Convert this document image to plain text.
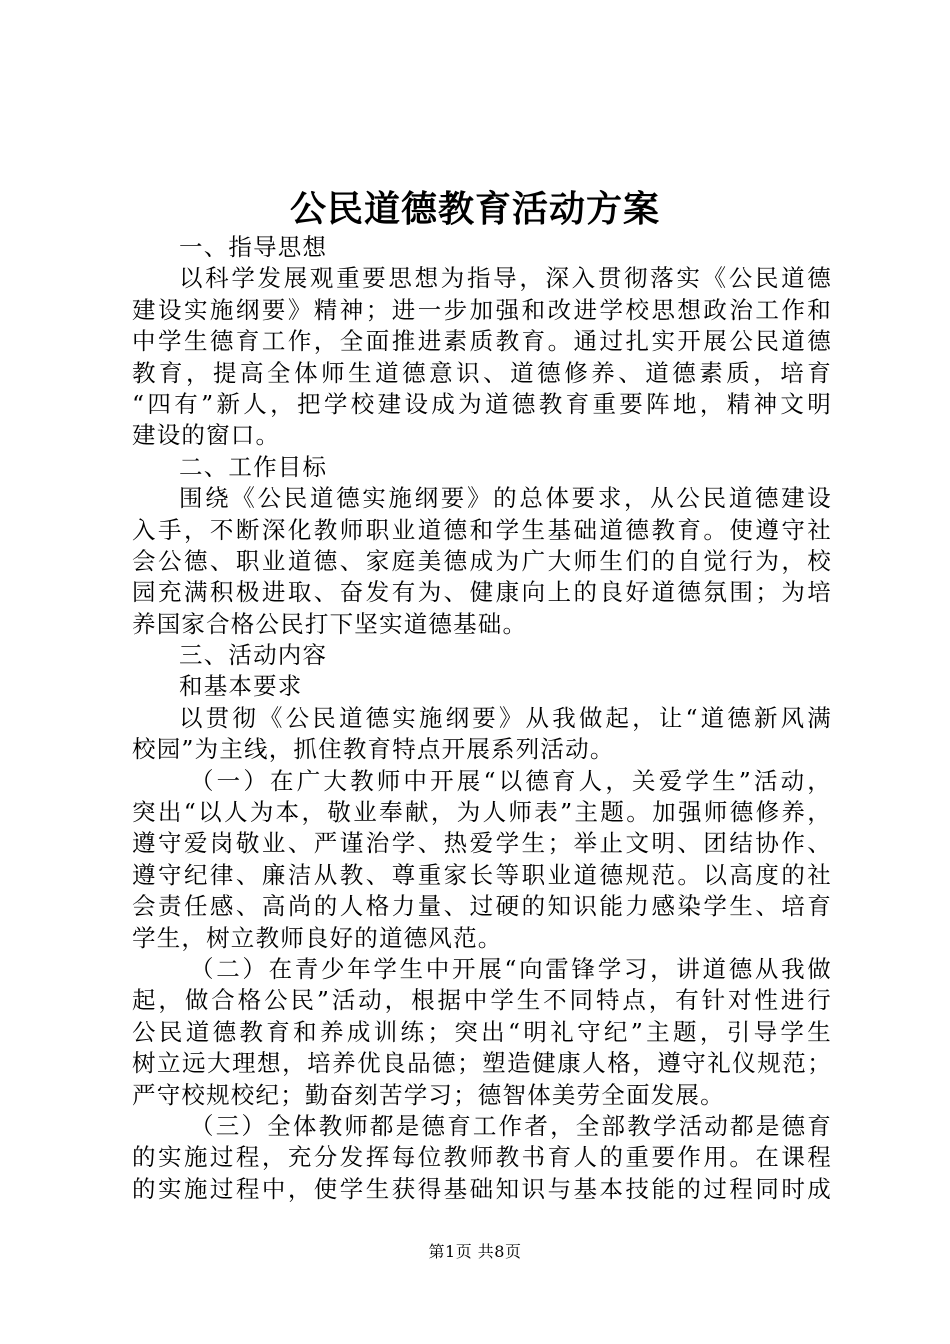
公民道德教育活动方案
一、指导思想
以科学发展观重要思想为指导，深入贯彻落实《公民道德
建设实施纲要》精神；进一步加强和改进学校思想政治工作和
中学生德育工作，全面推进素质教育。通过扎实开展公民道德
教育，提高全体师生道德意识、道德修养、道德素质，培育
“四有”新人，把学校建设成为道德教育重要阵地，精神文明
建设的窗口。
二、工作目标
围绕《公民道德实施纲要》的总体要求，从公民道德建设
入手，不断深化教师职业道德和学生基础道德教育。使遵守社
会公德、职业道德、家庭美德成为广大师生们的自觉行为，校
园充满积极进取、奋发有为、健康向上的良好道德氛围；为培
养国家合格公民打下坚实道德基础。
三、活动内容
和基本要求
以贯彻《公民道德实施纲要》从我做起，让“道德新风满
校园”为主线，抓住教育特点开展系列活动。
（一）在广大教师中开展“以德育人，关爱学生”活动，
突出“以人为本，敬业奉献，为人师表”主题。加强师德修养，
遵守爱岗敬业、严谨治学、热爱学生；举止文明、团结协作、
遵守纪律、廉洁从教、尊重家长等职业道德规范。以高度的社
会责任感、高尚的人格力量、过硬的知识能力感染学生、培育
学生，树立教师良好的道德风范。
（二）在青少年学生中开展“向雷锋学习，讲道德从我做
起，做合格公民”活动，根据中学生不同特点，有针对性进行
公民道德教育和养成训练；突出“明礼守纪”主题，引导学生
树立远大理想，培养优良品德；塑造健康人格，遵守礼仪规范；
严守校规校纪；勤奋刻苦学习；德智体美劳全面发展。
（三）全体教师都是德育工作者，全部教学活动都是德育
的实施过程，充分发挥每位教师教书育人的重要作用。在课程
的实施过程中，使学生获得基础知识与基本技能的过程同时成
第1页 共8页
